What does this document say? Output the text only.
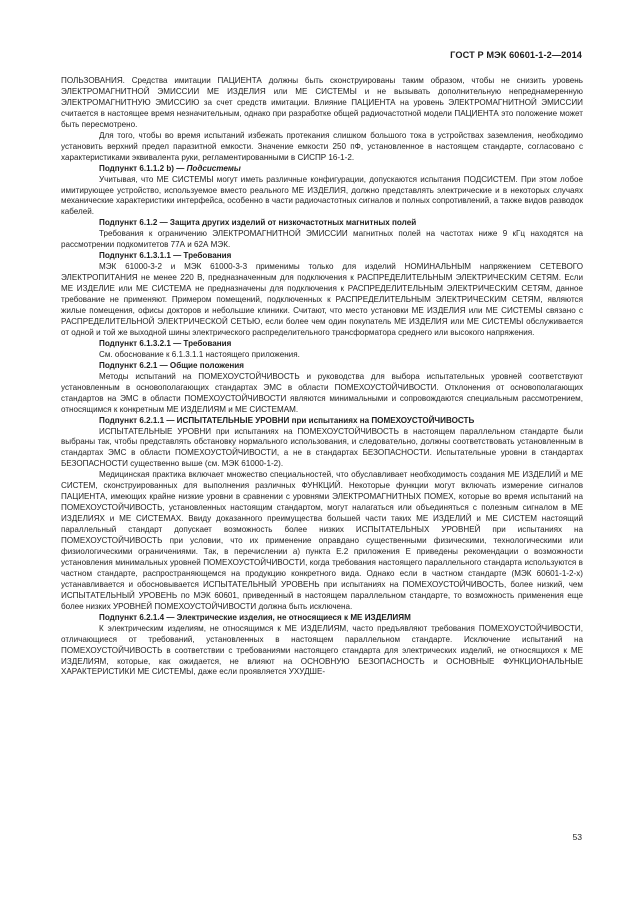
ГОСТ Р МЭК 60601-1-2—2014

ПОЛЬЗОВАНИЯ. Средства имитации ПАЦИЕНТА должны быть сконструированы таким образом, чтобы не снизить уровень ЭЛЕКТРОМАГНИТНОЙ ЭМИССИИ МЕ ИЗДЕЛИЯ или МЕ СИСТЕМЫ и не вызывать дополнительную непреднамеренную ЭЛЕКТРОМАГНИТНУЮ ЭМИССИЮ за счет средств имитации. Влияние ПАЦИЕНТА на уровень ЭЛЕКТРОМАГНИТНОЙ ЭМИССИИ считается в настоящее время незначительным, однако при разработке общей радиочастотной модели ПАЦИЕНТА это положение может быть пересмотрено.

Для того, чтобы во время испытаний избежать протекания слишком большого тока в устройствах заземления, необходимо установить верхний предел паразитной емкости. Значение емкости 250 пФ, установленное в настоящем стандарте, согласовано с характеристиками эквивалента руки, регламентированными в СИСПР 16-1-2.

Подпункт 6.1.1.2 b) — Подсистемы

Учитывая, что МЕ СИСТЕМЫ могут иметь различные конфигурации, допускаются испытания ПОДСИСТЕМ. При этом лобое имитирующее устройство, используемое вместо реального МЕ ИЗДЕЛИЯ, должно представлять электрические и в некоторых случаях механические характеристики интерфейса, особенно в части радиочастотных сигналов и полных сопротивлений, а также видов разводок кабелей.

Подпункт 6.1.2 — Защита других изделий от низкочастотных магнитных полей

Требования к ограничению ЭЛЕКТРОМАГНИТНОЙ ЭМИССИИ магнитных полей на частотах ниже 9 кГц находятся на рассмотрении подкомитетов 77А и 62А МЭК.

Подпункт 6.1.3.1.1 — Требования

МЭК 61000-3-2 и МЭК 61000-3-3 применимы только для изделий НОМИНАЛЬНЫМ напряжением СЕТЕВОГО ЭЛЕКТРОПИТАНИЯ не менее 220 В, предназначенным для подключения к РАСПРЕДЕЛИТЕЛЬНЫМ ЭЛЕКТРИЧЕСКИМ СЕТЯМ. Если МЕ ИЗДЕЛИЕ или МЕ СИСТЕМА не предназначены для подключения к РАСПРЕДЕЛИТЕЛЬНЫМ ЭЛЕКТРИЧЕСКИМ СЕТЯМ, данное требование не применяют. Примером помещений, подключенных к РАСПРЕДЕЛИТЕЛЬНЫМ ЭЛЕКТРИЧЕСКИМ СЕТЯМ, являются жилые помещения, офисы докторов и небольшие клиники. Считают, что место установки МЕ ИЗДЕЛИЯ или МЕ СИСТЕМЫ связано с РАСПРЕДЕЛИТЕЛЬНОЙ ЭЛЕКТРИЧЕСКОЙ СЕТЬЮ, если более чем один покупатель МЕ ИЗДЕЛИЯ или МЕ СИСТЕМЫ обслуживается от одной и той же выходной шины электрического распределительного трансформатора среднего или высокого напряжения.

Подпункт 6.1.3.2.1 — Требования

См. обоснование к 6.1.3.1.1 настоящего приложения.

Подпункт 6.2.1 — Общие положения

Методы испытаний на ПОМЕХОУСТОЙЧИВОСТЬ и руководства для выбора испытательных уровней соответствуют установленным в основополагающих стандартах ЭМС в области ПОМЕХОУСТОЙЧИВОСТИ. Отклонения от основополагающих стандартов на ЭМС в области ПОМЕХОУСТОЙЧИВОСТИ являются минимальными и сопровождаются специальным рассмотрением, относящимся к конкретным МЕ ИЗДЕЛИЯМ и МЕ СИСТЕМАМ.

Подпункт 6.2.1.1 — ИСПЫТАТЕЛЬНЫЕ УРОВНИ при испытаниях на ПОМЕХОУСТОЙЧИВОСТЬ

ИСПЫТАТЕЛЬНЫЕ УРОВНИ при испытаниях на ПОМЕХОУСТОЙЧИВОСТЬ в настоящем параллельном стандарте были выбраны так, чтобы представлять обстановку нормального использования, и следовательно, должны соответствовать установленным в стандартах ЭМС в области ПОМЕХОУСТОЙЧИВОСТИ, а не в стандартах БЕЗОПАСНОСТИ. Испытательные уровни в стандартах БЕЗОПАСНОСТИ существенно выше (см. МЭК 61000-1-2).

Медицинская практика включает множество специальностей, что обуславливает необходимость создания МЕ ИЗДЕЛИЙ и МЕ СИСТЕМ, сконструированных для выполнения различных ФУНКЦИЙ. Некоторые функции могут включать измерение сигналов ПАЦИЕНТА, имеющих крайне низкие уровни в сравнении с уровнями ЭЛЕКТРОМАГНИТНЫХ ПОМЕХ, которые во время испытаний на ПОМЕХОУСТОЙЧИВОСТЬ, установленных настоящим стандартом, могут налагаться или объединяться с полезным сигналом в МЕ ИЗДЕЛИЯХ и МЕ СИСТЕМАХ. Ввиду доказанного преимущества большей части таких МЕ ИЗДЕЛИЙ и МЕ СИСТЕМ настоящий параллельный стандарт допускает возможность более низких ИСПЫТАТЕЛЬНЫХ УРОВНЕЙ при испытаниях на ПОМЕХОУСТОЙЧИВОСТЬ при условии, что их применение оправдано существенными физическими, технологическими или физиологическими ограничениями. Так, в перечислении а) пункта Е.2 приложения Е приведены рекомендации о возможности установления минимальных уровней ПОМЕХОУСТОЙЧИВОСТИ, когда требования настоящего параллельного стандарта используются в частном стандарте, распространяющемся на продукцию конкретного вида. Однако если в частном стандарте (МЭК 60601-1-2-х) устанавливается и обосновывается ИСПЫТАТЕЛЬНЫЙ УРОВЕНЬ при испытаниях на ПОМЕХОУСТОЙЧИВОСТЬ, более низкий, чем ИСПЫТАТЕЛЬНЫЙ УРОВЕНЬ по МЭК 60601, приведенный в настоящем параллельном стандарте, то возможность применения еще более низких УРОВНЕЙ ПОМЕХОУСТОЙЧИВОСТИ должна быть исключена.

Подпункт 6.2.1.4 — Электрические изделия, не относящиеся к МЕ ИЗДЕЛИЯМ

К электрическим изделиям, не относящимся к МЕ ИЗДЕЛИЯМ, часто предъявляют требования ПОМЕХОУСТОЙЧИВОСТИ, отличающиеся от требований, установленных в настоящем параллельном стандарте. Исключение испытаний на ПОМЕХОУСТОЙЧИВОСТЬ в соответствии с требованиями настоящего стандарта для электрических изделий, не относящихся к МЕ ИЗДЕЛИЯМ, которые, как ожидается, не влияют на ОСНОВНУЮ БЕЗОПАСНОСТЬ и ОСНОВНЫЕ ФУНКЦИОНАЛЬНЫЕ ХАРАКТЕРИСТИКИ МЕ СИСТЕМЫ, даже если проявляется УХУДШЕ-

53
